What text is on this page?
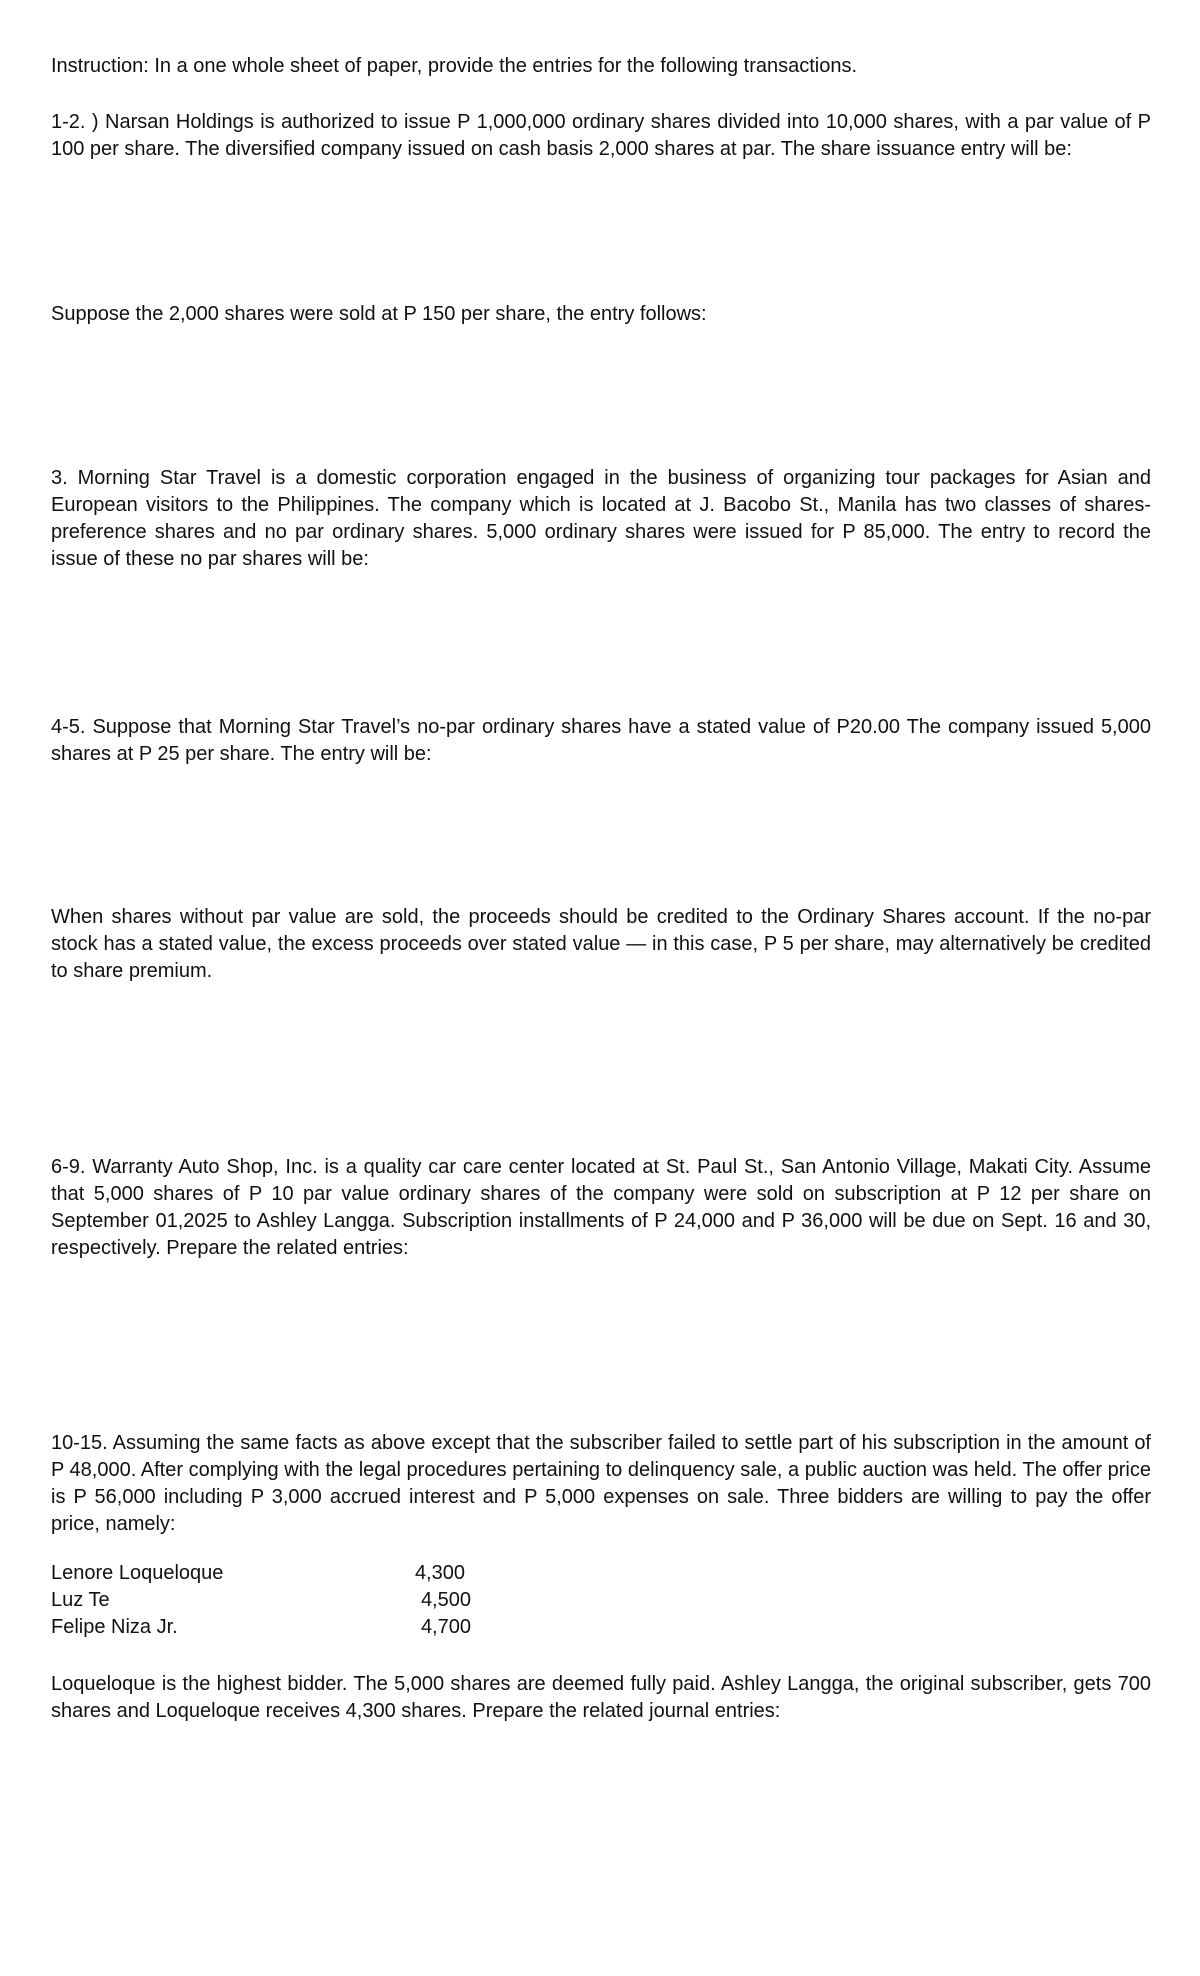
Instruction: In a one whole sheet of paper, provide the entries for the following transactions.

1-2. ) Narsan Holdings is authorized to issue P 1,000,000 ordinary shares divided into 10,000 shares, with a par value of P 100 per share. The diversified company issued on cash basis 2,000 shares at par. The share issuance entry will be:

Suppose the 2,000 shares were sold at P 150 per share, the entry follows:

3. Morning Star Travel is a domestic corporation engaged in the business of organizing tour packages for Asian and European visitors to the Philippines. The company which is located at J. Bacobo St., Manila has two classes of shares- preference shares and no par ordinary shares. 5,000 ordinary shares were issued for P 85,000. The entry to record the issue of these no par shares will be:

4-5. Suppose that Morning Star Travel’s no-par ordinary shares have a stated value of P20.00 The company issued 5,000 shares at P 25 per share. The entry will be:

When shares without par value are sold, the proceeds should be credited to the Ordinary Shares account. If the no-par stock has a stated value, the excess proceeds over stated value — in this case, P 5 per share, may alternatively be credited to share premium.

6-9. Warranty Auto Shop, Inc. is a quality car care center located at St. Paul St., San Antonio Village, Makati City. Assume that 5,000 shares of P 10 par value ordinary shares of the company were sold on subscription at P 12 per share on September 01,2025 to Ashley Langga. Subscription installments of P 24,000 and P 36,000 will be due on Sept. 16 and 30, respectively. Prepare the related entries:

10-15. Assuming the same facts as above except that the subscriber failed to settle part of his subscription in the amount of P 48,000. After complying with the legal procedures pertaining to delinquency sale, a public auction was held. The offer price is P 56,000 including P 3,000 accrued interest and P 5,000 expenses on sale. Three bidders are willing to pay the offer price, namely:

Lenore Loqueloque	4,300
Luz Te	4,500
Felipe Niza Jr.	4,700

Loqueloque is the highest bidder. The 5,000 shares are deemed fully paid. Ashley Langga, the original subscriber, gets 700 shares and Loqueloque receives 4,300 shares. Prepare the related journal entries:
